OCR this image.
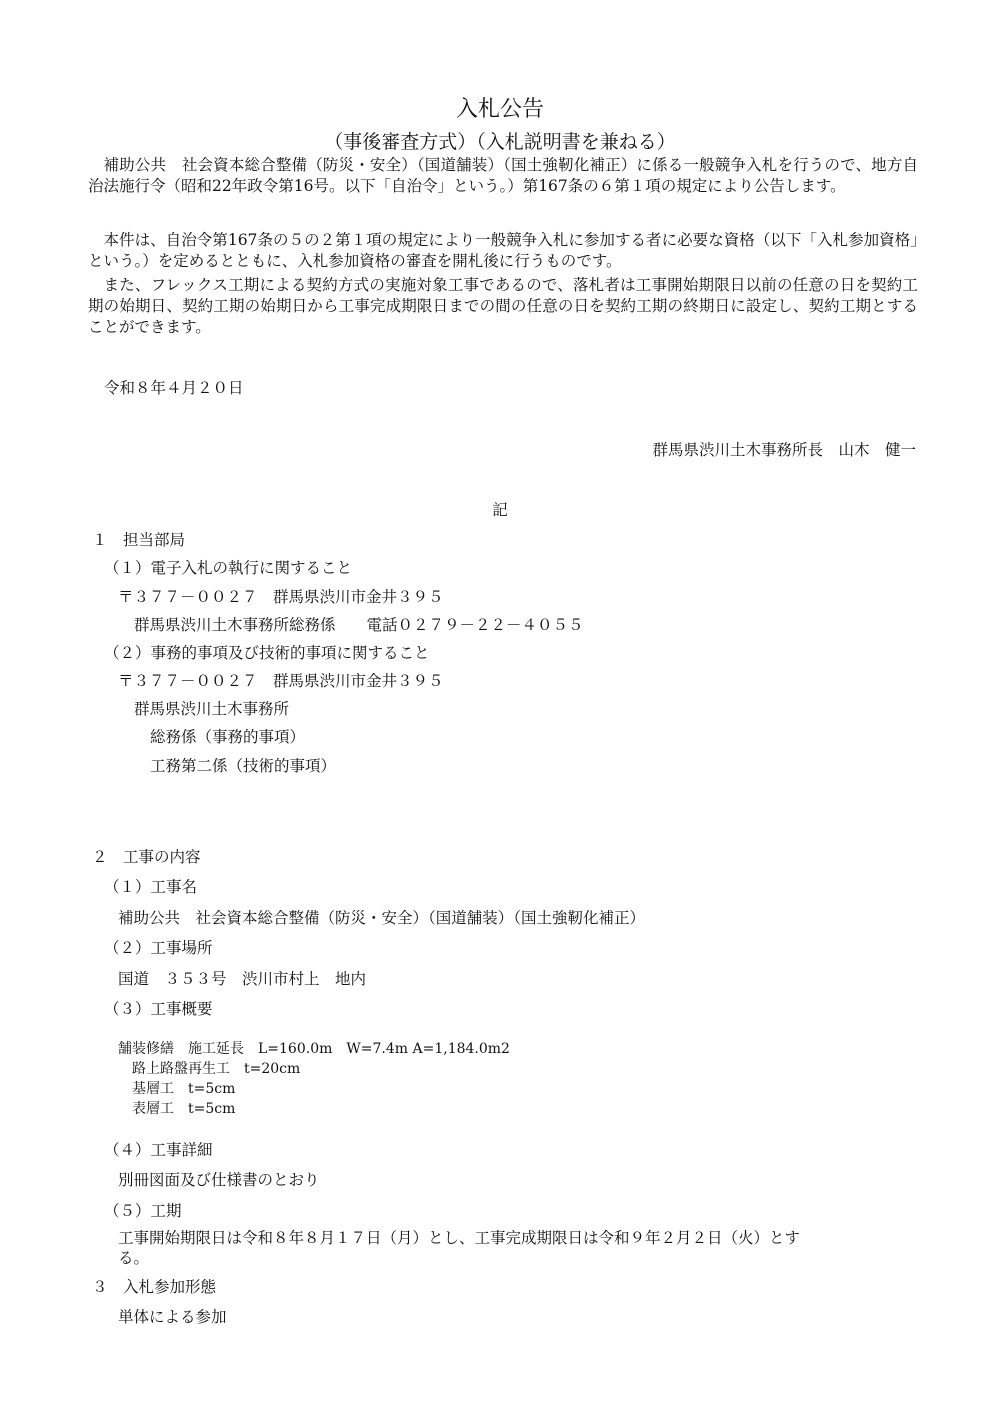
入札公告
（事後審査方式）（入札説明書を兼ねる）
補助公共　社会資本総合整備（防災・安全）（国道舗装）（国土強靭化補正）に係る一般競争入札を行うので、地方自治法施行令（昭和22年政令第16号。以下「自治令」という。）第167条の６第１項の規定により公告します。
本件は、自治令第167条の５の２第１項の規定により一般競争入札に参加する者に必要な資格（以下「入札参加資格」という。）を定めるとともに、入札参加資格の審査を開札後に行うものです。
また、フレックス工期による契約方式の実施対象工事であるので、落札者は工事開始期限日以前の任意の日を契約工期の始期日、契約工期の始期日から工事完成期限日までの間の任意の日を契約工期の終期日に設定し、契約工期とすることができます。
令和８年４月２０日
群馬県渋川土木事務所長　山木　健一
記
１　担当部局
（１）電子入札の執行に関すること
〒３７７－００２７　群馬県渋川市金井３９５
群馬県渋川土木事務所総務係　　電話０２７９－２２－４０５５
（２）事務的事項及び技術的事項に関すること
〒３７７－００２７　群馬県渋川市金井３９５
群馬県渋川土木事務所
総務係（事務的事項）
工務第二係（技術的事項）
２　工事の内容
（１）工事名
補助公共　社会資本総合整備（防災・安全）（国道舗装）（国土強靭化補正）
（２）工事場所
国道　３５３号　渋川市村上　地内
（３）工事概要
舗装修繕　施工延長　L=160.0m　W=7.4m A=1,184.0m2
　路上路盤再生工　t=20cm
　基層工　t=5cm
　表層工　t=5cm
（４）工事詳細
別冊図面及び仕様書のとおり
（５）工期
工事開始期限日は令和８年８月１７日（月）とし、工事完成期限日は令和９年２月２日（火）とす
る。
３　入札参加形態
単体による参加
